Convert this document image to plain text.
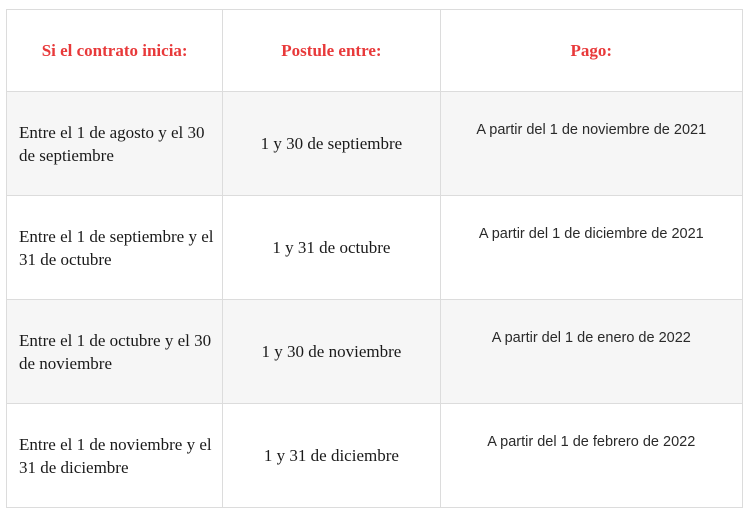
Si el contrato inicia:	Postule entre:	Pago:
Entre el 1 de agosto y el 30 de septiembre	1 y 30 de septiembre	A partir del 1 de noviembre de 2021
Entre el 1 de septiembre y el 31 de octubre	1 y 31 de octubre	A partir del 1 de diciembre de 2021
Entre el 1 de octubre y el 30 de noviembre	1 y 30 de noviembre	A partir del 1 de enero de 2022
Entre el 1 de noviembre y el 31 de diciembre	1 y 31 de diciembre	A partir del 1 de febrero de 2022
